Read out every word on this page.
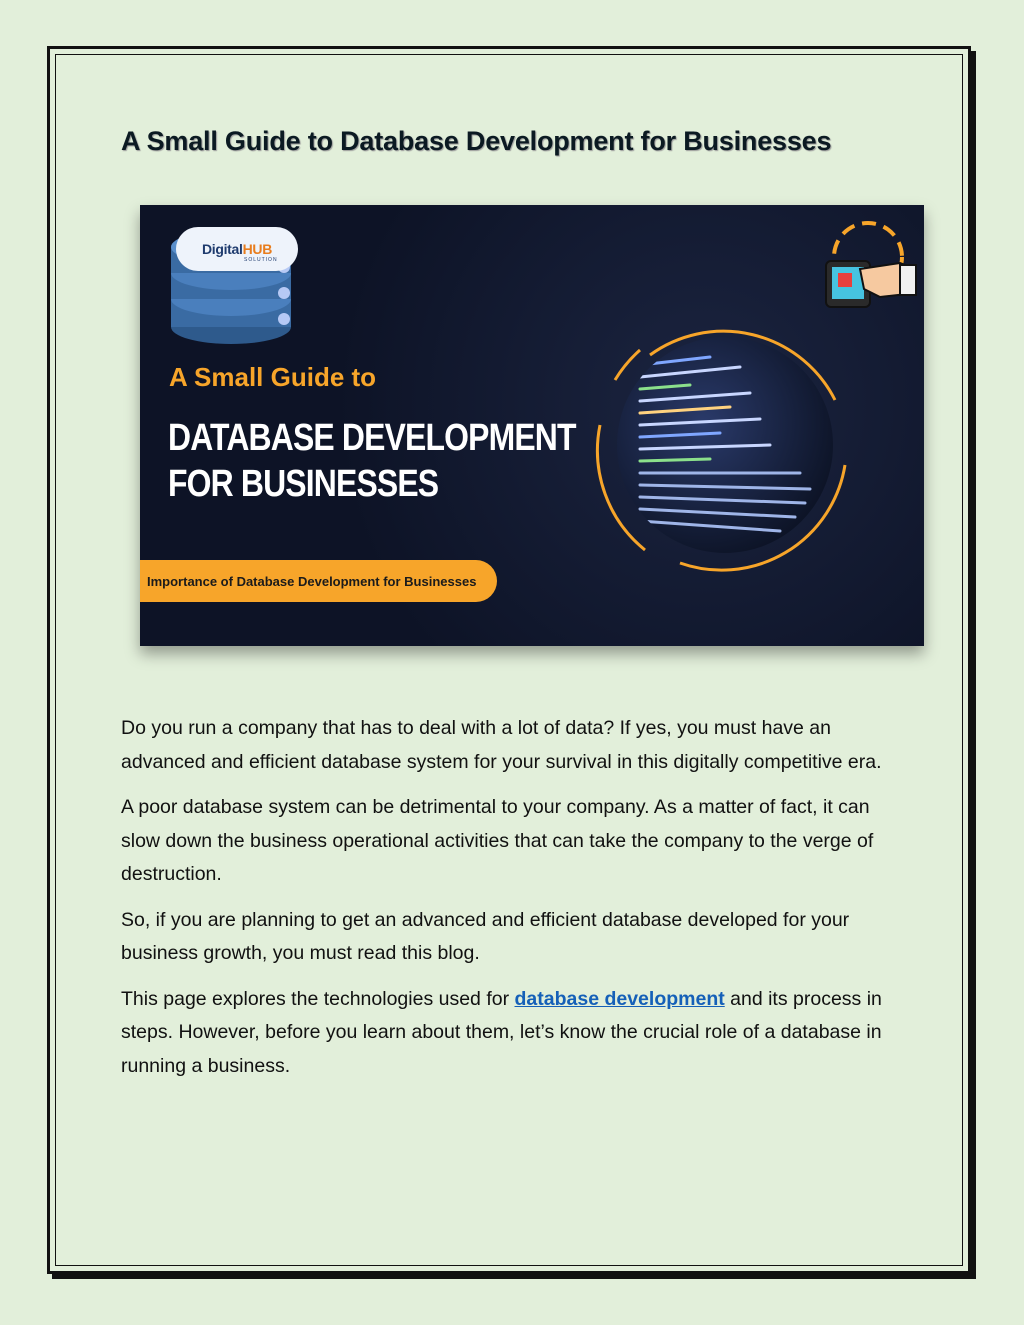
A Small Guide to Database Development for Businesses
DigitalHUB
SOLUTION
A Small Guide to
DATABASE DEVELOPMENT
FOR BUSINESSES
Importance of Database Development for Businesses

Do you run a company that has to deal with a lot of data? If yes, you must have an advanced and efficient database system for your survival in this digitally competitive era.

A poor database system can be detrimental to your company. As a matter of fact, it can slow down the business operational activities that can take the company to the verge of destruction.

So, if you are planning to get an advanced and efficient database developed for your business growth, you must read this blog.

This page explores the technologies used for database development and its process in steps. However, before you learn about them, let’s know the crucial role of a database in running a business.
